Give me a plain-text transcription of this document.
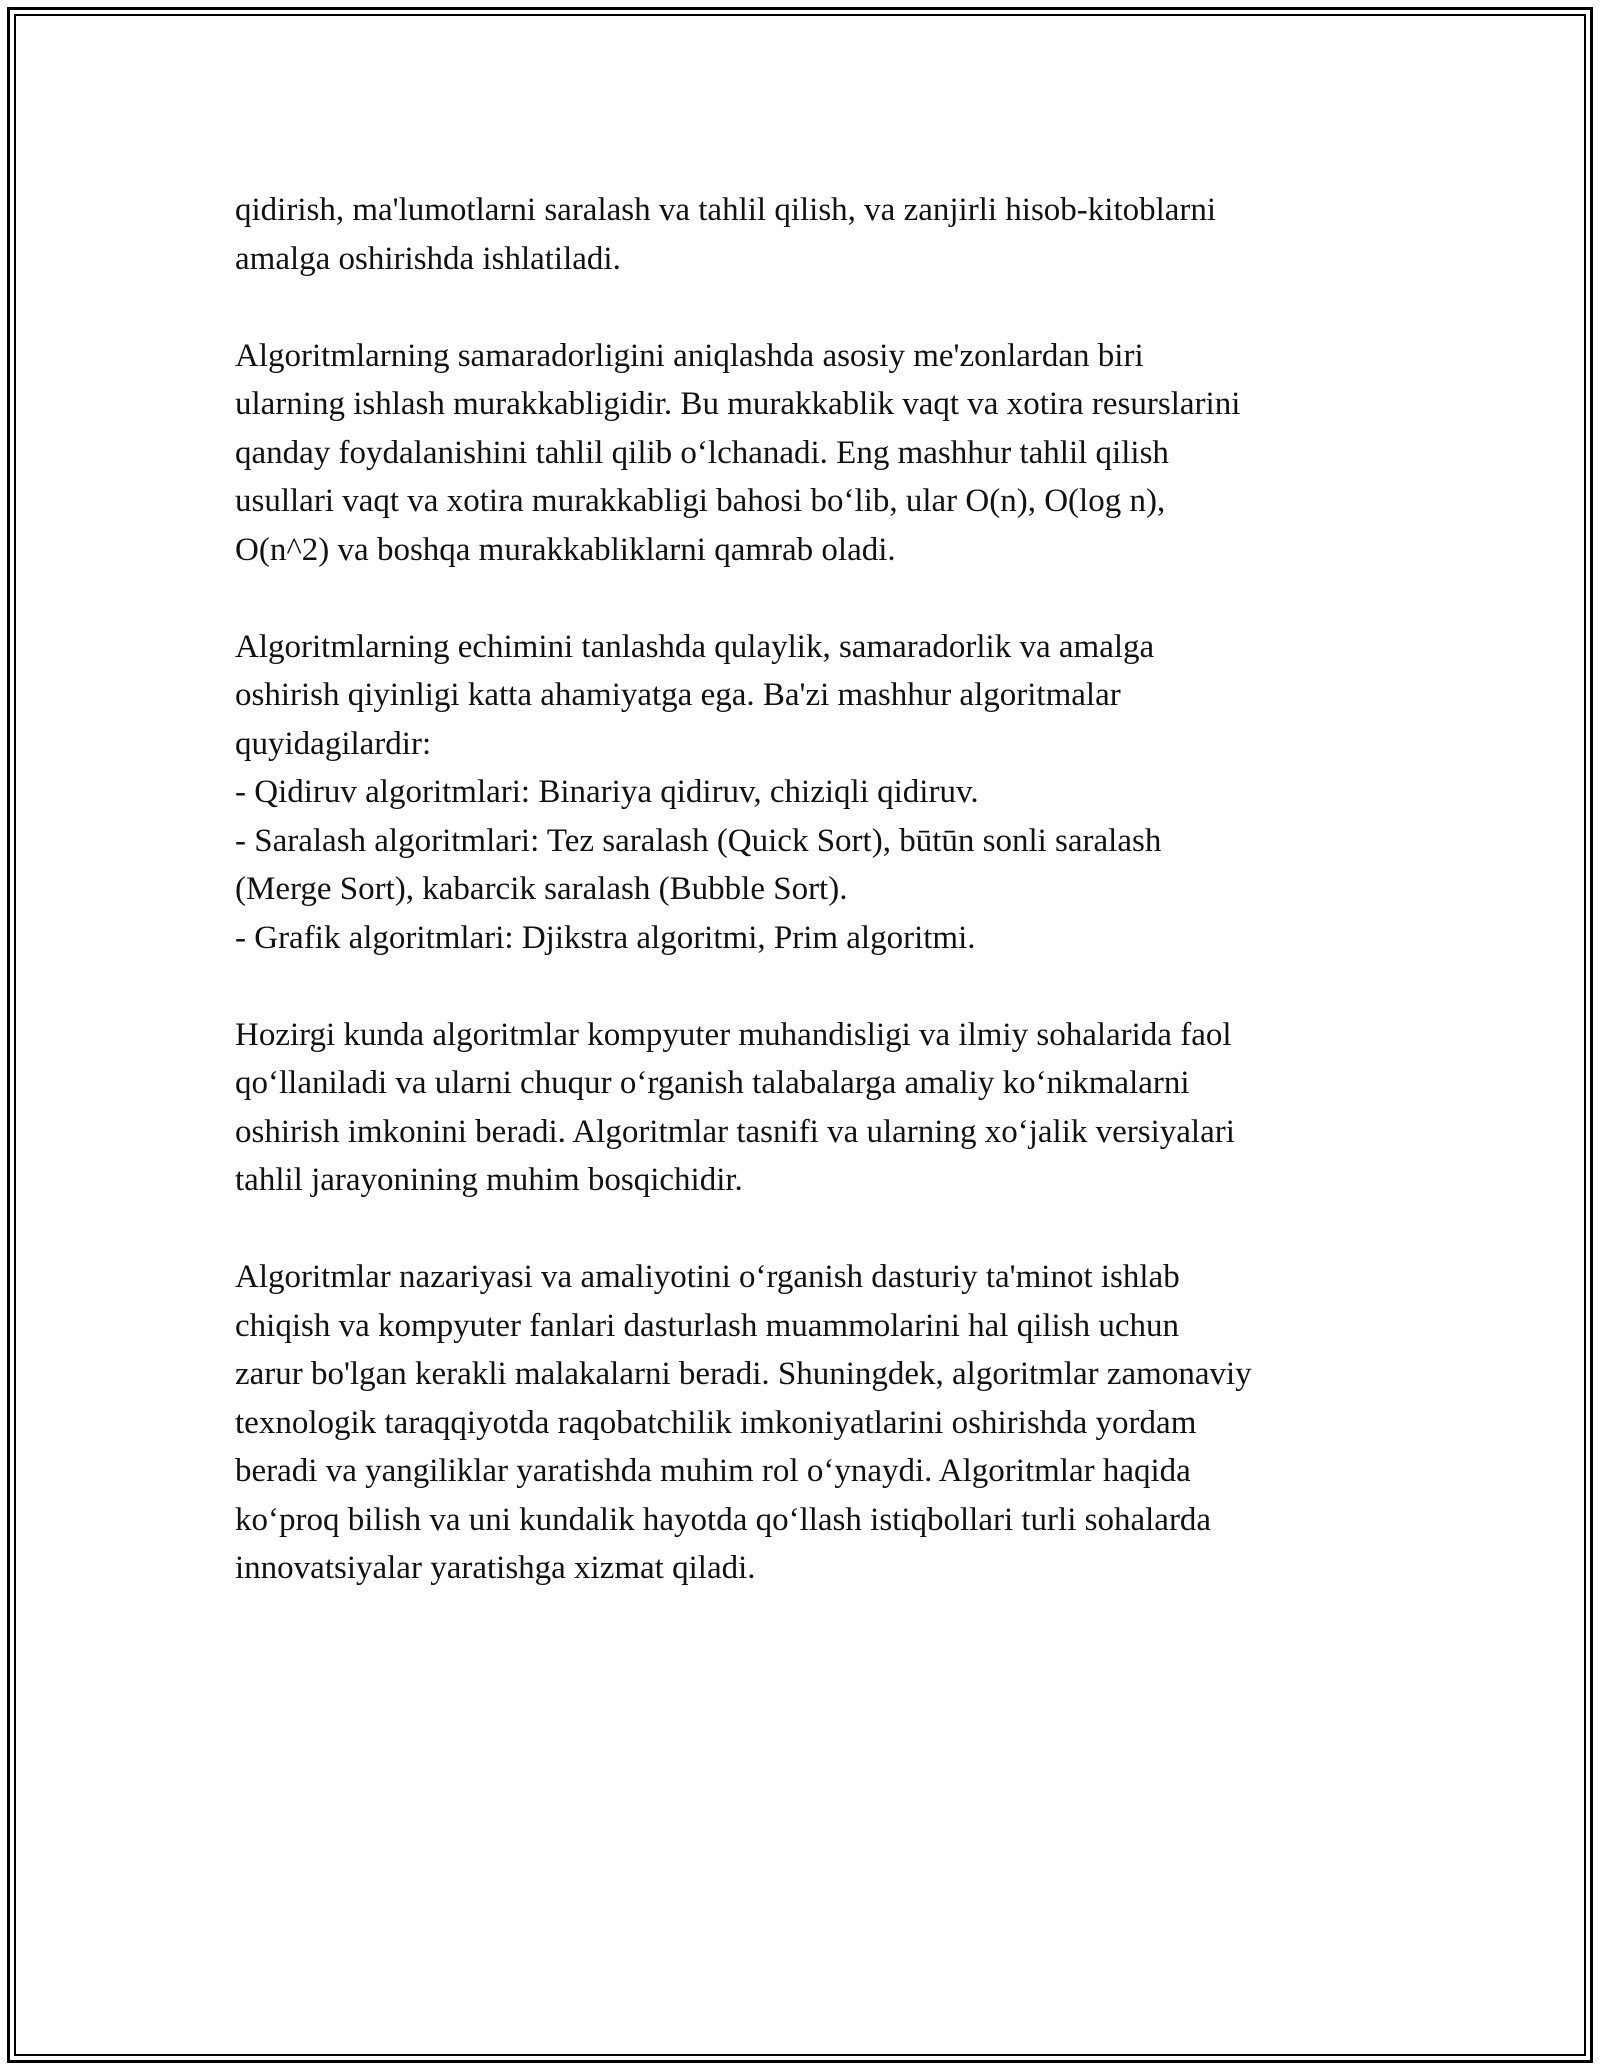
qidirish, ma'lumotlarni saralash va tahlil qilish, va zanjirli hisob-kitoblarni
amalga oshirishda ishlatiladi.
Algoritmlarning samaradorligini aniqlashda asosiy me'zonlardan biri
ularning ishlash murakkabligidir. Bu murakkablik vaqt va xotira resurslarini
qanday foydalanishini tahlil qilib o‘lchanadi. Eng mashhur tahlil qilish
usullari vaqt va xotira murakkabligi bahosi bo‘lib, ular O(n), O(log n),
O(n^2) va boshqa murakkabliklarni qamrab oladi.
Algoritmlarning echimini tanlashda qulaylik, samaradorlik va amalga
oshirish qiyinligi katta ahamiyatga ega. Ba'zi mashhur algoritmalar
quyidagilardir:
- Qidiruv algoritmlari: Binariya qidiruv, chiziqli qidiruv.
- Saralash algoritmlari: Tez saralash (Quick Sort), būtūn sonli saralash
(Merge Sort), kabarcik saralash (Bubble Sort).
- Grafik algoritmlari: Djikstra algoritmi, Prim algoritmi.
Hozirgi kunda algoritmlar kompyuter muhandisligi va ilmiy sohalarida faol
qo‘llaniladi va ularni chuqur o‘rganish talabalarga amaliy ko‘nikmalarni
oshirish imkonini beradi. Algoritmlar tasnifi va ularning xo‘jalik versiyalari
tahlil jarayonining muhim bosqichidir.
Algoritmlar nazariyasi va amaliyotini o‘rganish dasturiy ta'minot ishlab
chiqish va kompyuter fanlari dasturlash muammolarini hal qilish uchun
zarur bo'lgan kerakli malakalarni beradi. Shuningdek, algoritmlar zamonaviy
texnologik taraqqiyotda raqobatchilik imkoniyatlarini oshirishda yordam
beradi va yangiliklar yaratishda muhim rol o‘ynaydi. Algoritmlar haqida
ko‘proq bilish va uni kundalik hayotda qo‘llash istiqbollari turli sohalarda
innovatsiyalar yaratishga xizmat qiladi.
